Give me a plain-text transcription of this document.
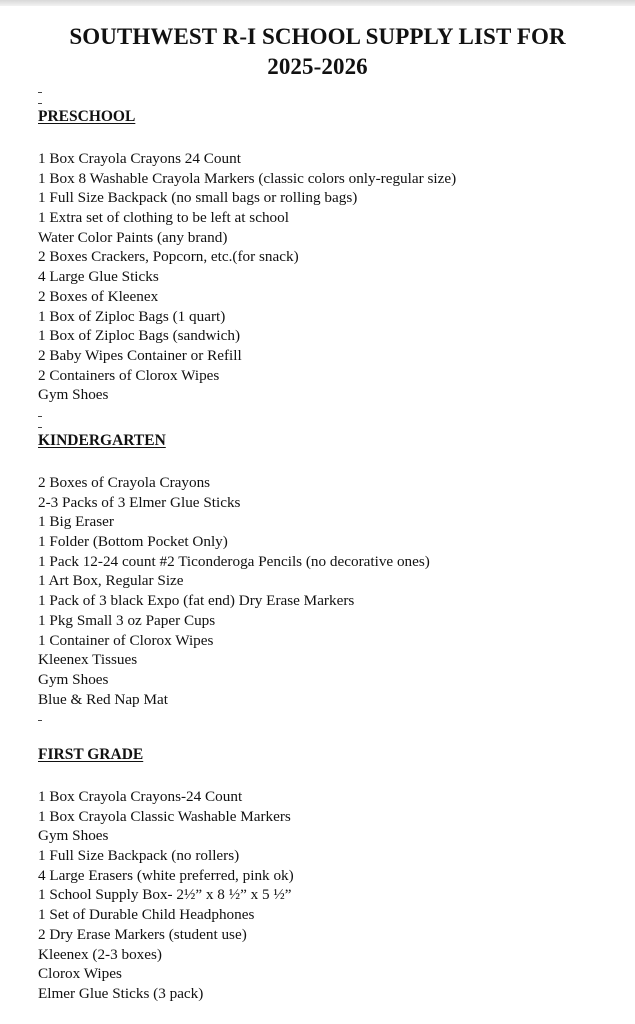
SOUTHWEST R-I SCHOOL SUPPLY LIST FOR
2025-2026
PRESCHOOL
1 Box Crayola Crayons 24 Count
1 Box 8 Washable Crayola Markers (classic colors only-regular size)
1 Full Size Backpack (no small bags or rolling bags)
1 Extra set of clothing to be left at school
Water Color Paints (any brand)
2 Boxes Crackers, Popcorn, etc.(for snack)
4 Large Glue Sticks
2 Boxes of Kleenex
1 Box of Ziploc Bags (1 quart)
1 Box of Ziploc Bags (sandwich)
2 Baby Wipes Container or Refill
2 Containers of Clorox Wipes
Gym Shoes
KINDERGARTEN
2 Boxes of Crayola Crayons
2-3 Packs of 3 Elmer Glue Sticks
1 Big Eraser
1 Folder (Bottom Pocket Only)
1 Pack 12-24 count #2 Ticonderoga Pencils (no decorative ones)
1 Art Box, Regular Size
1 Pack of 3 black Expo (fat end) Dry Erase Markers
1 Pkg Small 3 oz Paper Cups
1 Container of Clorox Wipes
Kleenex Tissues
Gym Shoes
Blue & Red Nap Mat
FIRST GRADE
1 Box Crayola Crayons-24 Count
1 Box Crayola Classic Washable Markers
Gym Shoes
1 Full Size Backpack (no rollers)
4 Large Erasers (white preferred, pink ok)
1 School Supply Box- 2½” x 8 ½” x 5 ½”
1 Set of Durable Child Headphones
2 Dry Erase Markers (student use)
Kleenex (2-3 boxes)
Clorox Wipes
Elmer Glue Sticks (3 pack)
